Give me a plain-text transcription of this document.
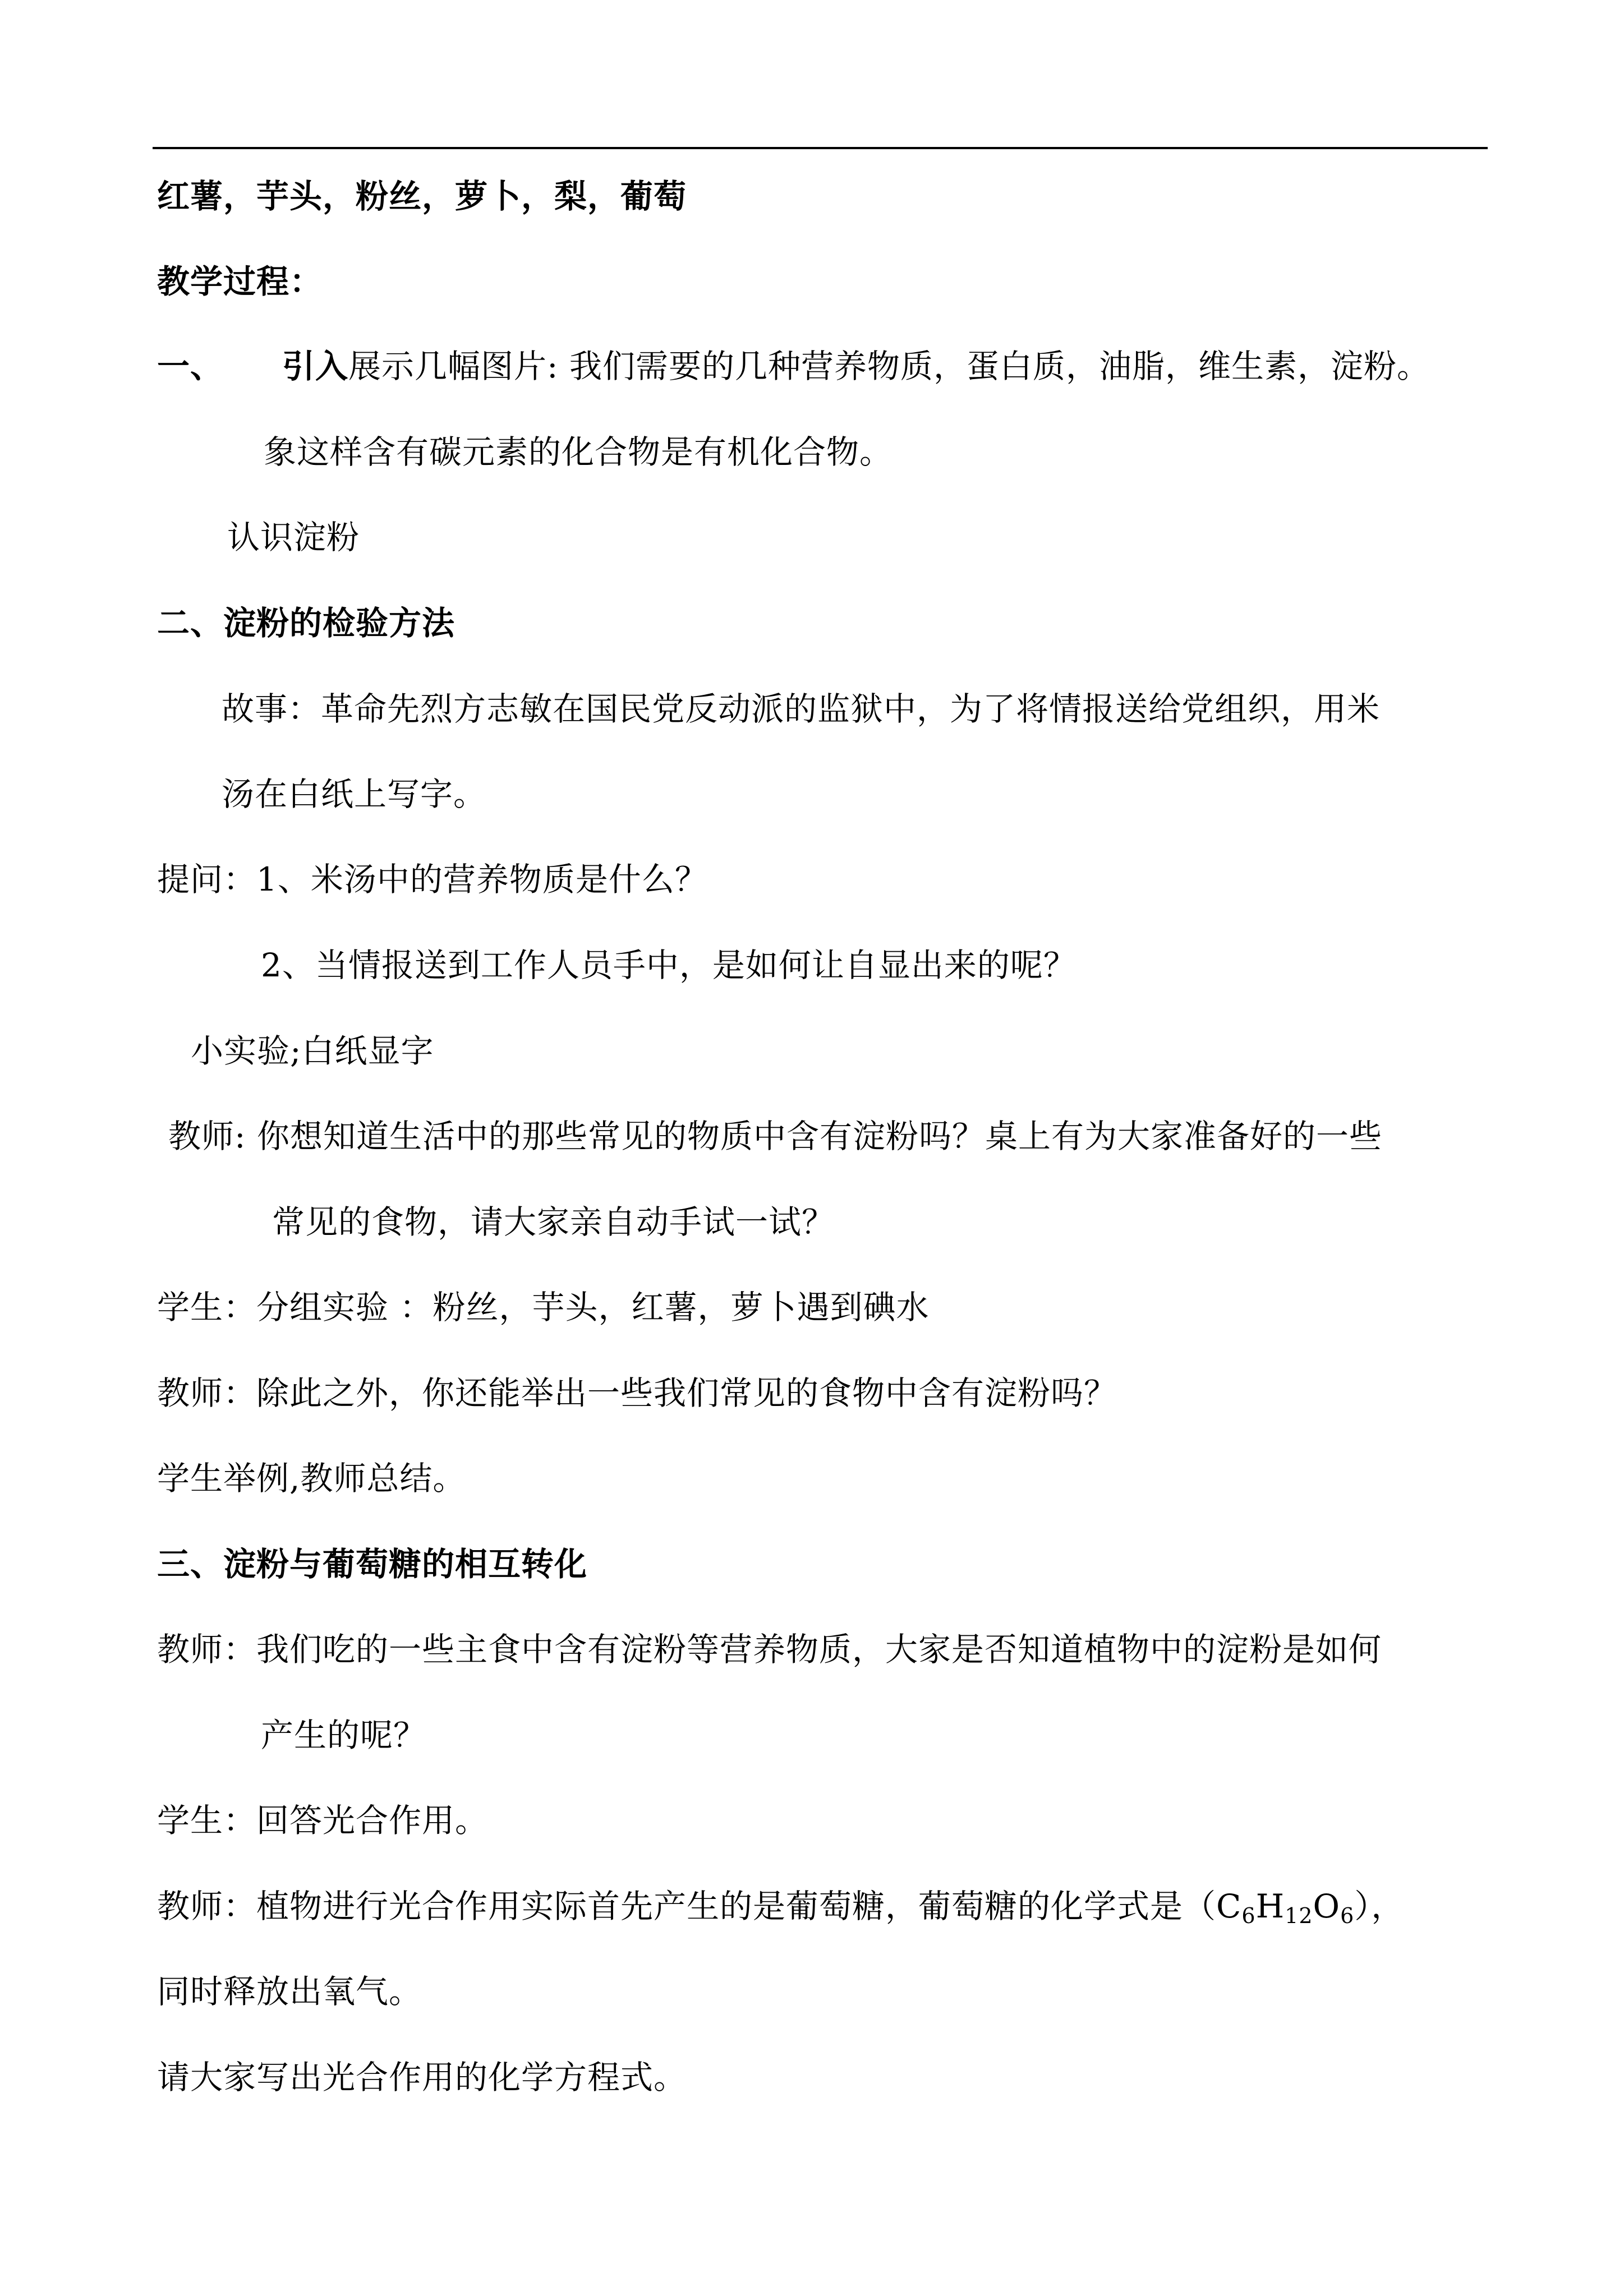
红薯，芋头，粉丝，萝卜，梨，葡萄
教学过程：
一、 引入展示几幅图片: 我们需要的几种营养物质，蛋白质，油脂，维生素，淀粉。
象这样含有碳元素的化合物是有机化合物。
认识淀粉
二、淀粉的检验方法
故事：革命先烈方志敏在国民党反动派的监狱中，为了将情报送给党组织，用米
汤在白纸上写字。
提问：1、米汤中的营养物质是什么？
2、当情报送到工作人员手中，是如何让自显出来的呢？
小实验;白纸显字
教师: 你想知道生活中的那些常见的物质中含有淀粉吗？桌上有为大家准备好的一些
常见的食物，请大家亲自动手试一试？
学生：分组实验 ：粉丝，芋头，红薯，萝卜遇到碘水
教师：除此之外，你还能举出一些我们常见的食物中含有淀粉吗？
学生举例,教师总结。
三、淀粉与葡萄糖的相互转化
教师：我们吃的一些主食中含有淀粉等营养物质，大家是否知道植物中的淀粉是如何
产生的呢？
学生：回答光合作用。
教师：植物进行光合作用实际首先产生的是葡萄糖，葡萄糖的化学式是$(C_6H_{12}O_6)$，
同时释放出氧气。
请大家写出光合作用的化学方程式。
